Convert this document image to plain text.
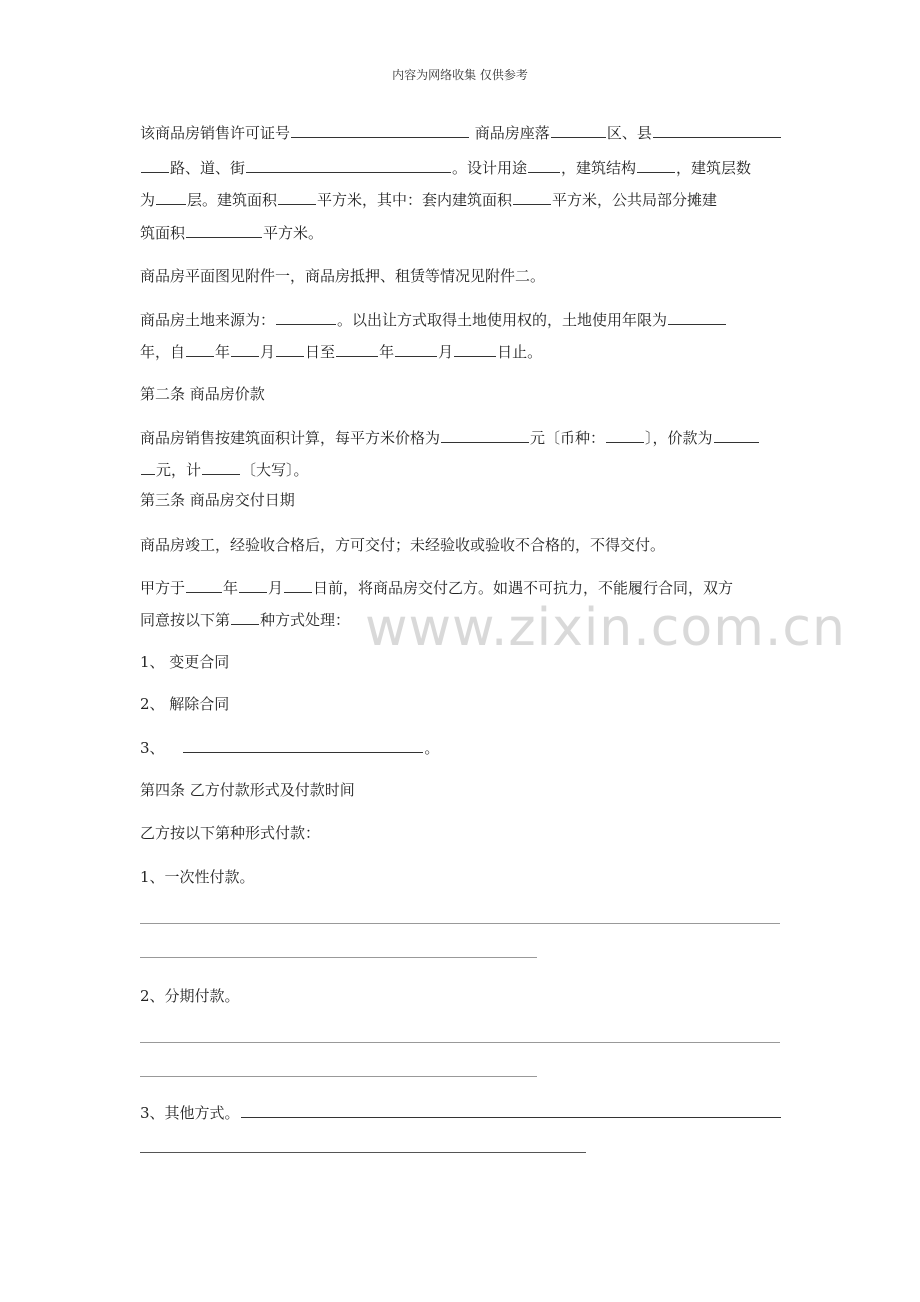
内容为网络收集 仅供参考
www.zixin.com.cn
该商品房销售许可证号	商品房座落	区、县
路、道、街	。设计用途 ，建筑结构	，建筑层数
为 层。建筑面积	平方米，其中：套内建筑面积	平方米，公共局部分摊建
筑面积	平方米。
商品房平面图见附件一，商品房抵押、租赁等情况见附件二。
商品房土地来源为：	。以出让方式取得土地使用权的，土地使用年限为
年，自 年 月 日至	年	月	日止。
第二条 商品房价款
商品房销售按建筑面积计算，每平方米价格为	元〔币种：	〕，价款为
元，计	〔大写〕。
第三条 商品房交付日期
商品房竣工，经验收合格后，方可交付；未经验收或验收不合格的，不得交付。
甲方于	年 月 日前，将商品房交付乙方。如遇不可抗力，不能履行合同，双方
同意按以下第 种方式处理：
1、 变更合同
2、 解除合同
3、	。
第四条 乙方付款形式及付款时间
乙方按以下第种形式付款：
1、一次性付款。
2、分期付款。
3、其他方式。
